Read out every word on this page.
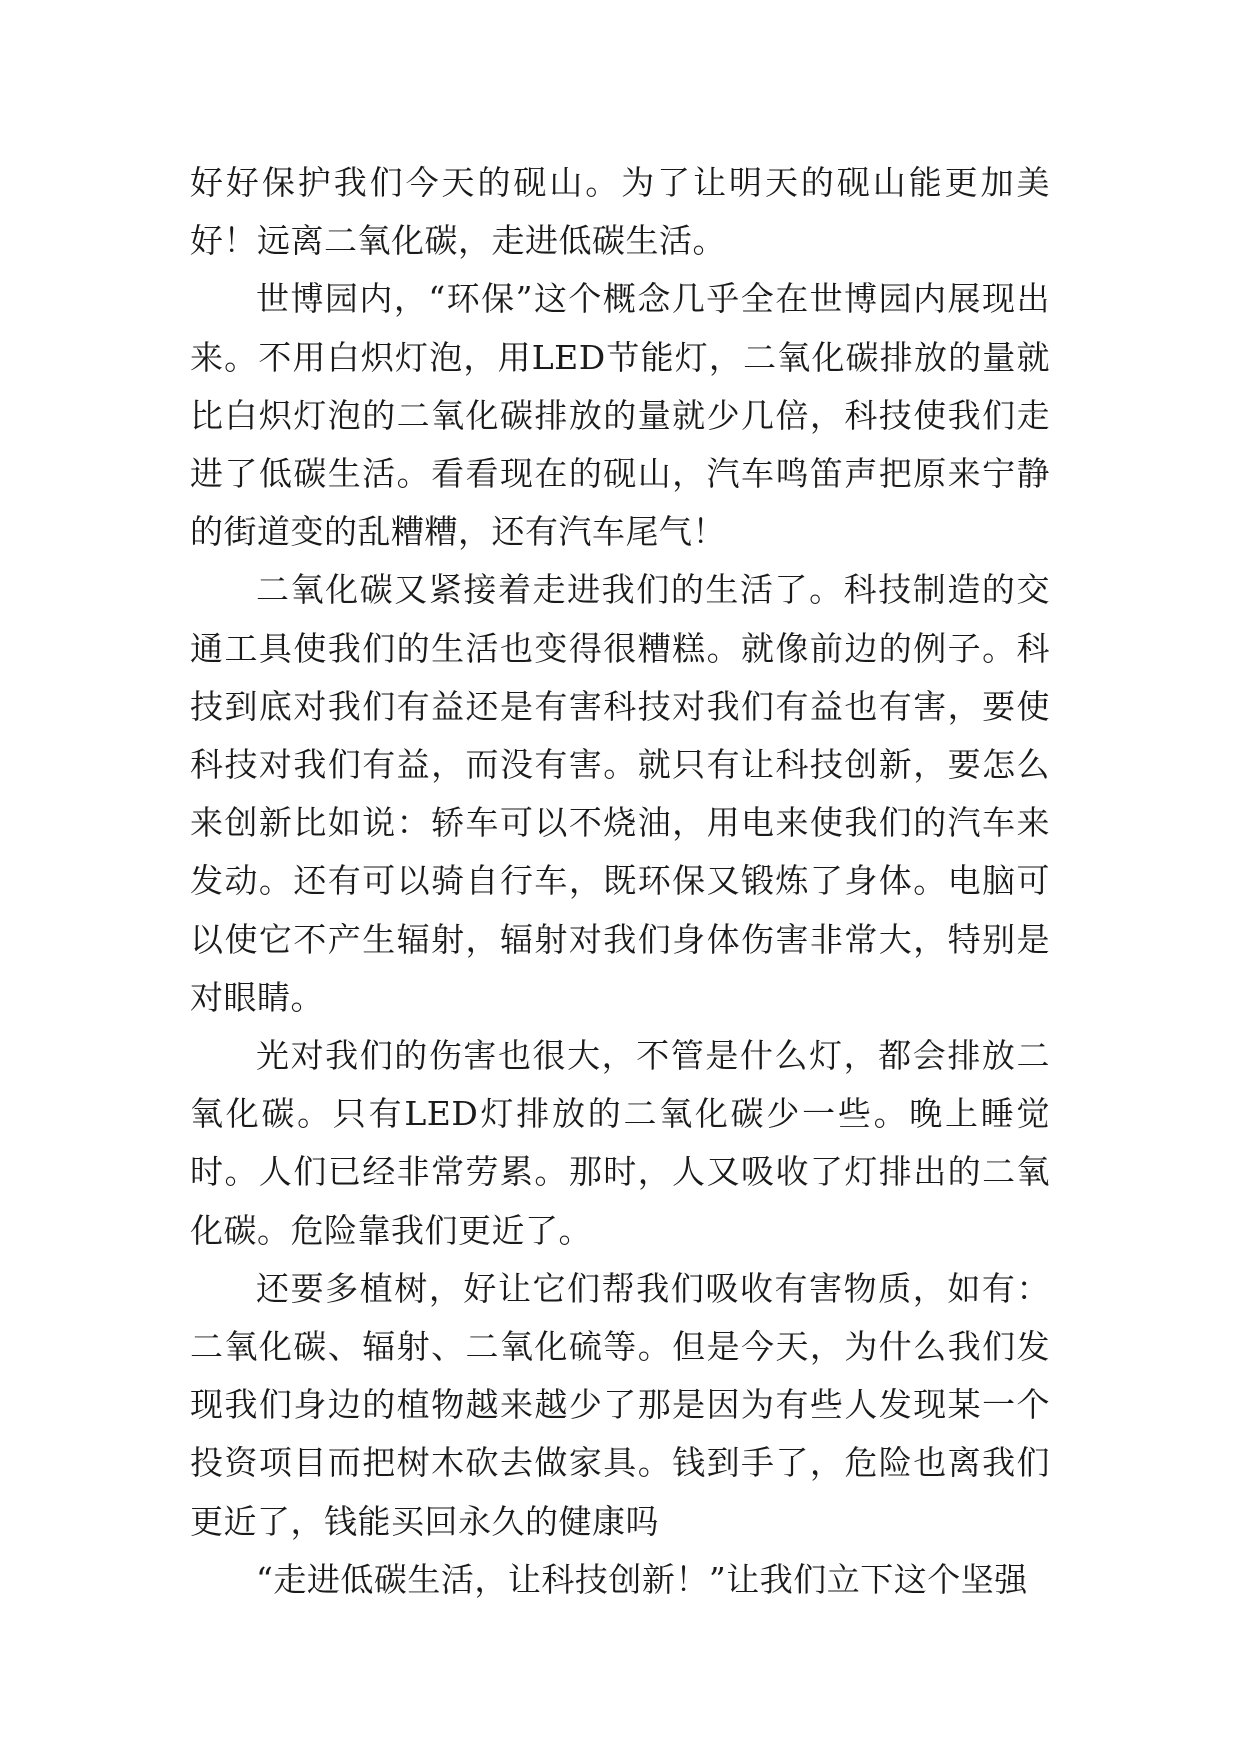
好好保护我们今天的砚山。为了让明天的砚山能更加美好！远离二氧化碳，走进低碳生活。

世博园内，“环保”这个概念几乎全在世博园内展现出来。不用白炽灯泡，用LED节能灯，二氧化碳排放的量就比白炽灯泡的二氧化碳排放的量就少几倍，科技使我们走进了低碳生活。看看现在的砚山，汽车鸣笛声把原来宁静的街道变的乱糟糟，还有汽车尾气！

二氧化碳又紧接着走进我们的生活了。科技制造的交通工具使我们的生活也变得很糟糕。就像前边的例子。科技到底对我们有益还是有害科技对我们有益也有害，要使科技对我们有益，而没有害。就只有让科技创新，要怎么来创新比如说：轿车可以不烧油，用电来使我们的汽车来发动。还有可以骑自行车，既环保又锻炼了身体。电脑可以使它不产生辐射，辐射对我们身体伤害非常大，特别是对眼睛。

光对我们的伤害也很大，不管是什么灯，都会排放二氧化碳。只有LED灯排放的二氧化碳少一些。晚上睡觉时。人们已经非常劳累。那时，人又吸收了灯排出的二氧化碳。危险靠我们更近了。

还要多植树，好让它们帮我们吸收有害物质，如有：二氧化碳、辐射、二氧化硫等。但是今天，为什么我们发现我们身边的植物越来越少了那是因为有些人发现某一个投资项目而把树木砍去做家具。钱到手了，危险也离我们更近了，钱能买回永久的健康吗

“走进低碳生活，让科技创新！”让我们立下这个坚强
